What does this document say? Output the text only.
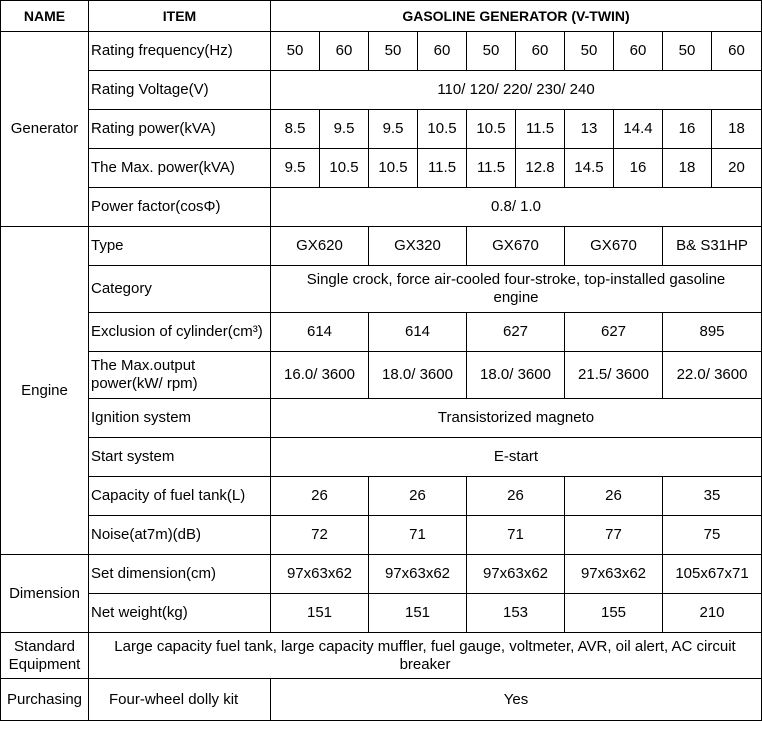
NAME	ITEM	GASOLINE GENERATOR (V-TWIN)									
Generator	Rating frequency(Hz)	50	60	50	60	50	60	50	60	50	60
	Rating Voltage(V)	110/ 120/ 220/ 230/ 240									
	Rating power(kVA)	8.5	9.5	9.5	10.5	10.5	11.5	13	14.4	16	18
	The Max. power(kVA)	9.5	10.5	10.5	11.5	11.5	12.8	14.5	16	18	20
	Power factor(cosΦ)	0.8/ 1.0									
Engine	Type	GX620		GX320		GX670		GX670		B& S31HP	
	Category	Single crock, force air-cooled four-stroke, top-installed gasoline engine									
	Exclusion of cylinder(cm³)	614		614		627		627		895	
	The Max.output power(kW/ rpm)	16.0/ 3600		18.0/ 3600		18.0/ 3600		21.5/ 3600		22.0/ 3600	
	Ignition system	Transistorized magneto									
	Start system	E-start									
	Capacity of fuel tank(L)	26		26		26		26		35	
	Noise(at7m)(dB)	72		71		71		77		75	
Dimension	Set dimension(cm)	97x63x62		97x63x62		97x63x62		97x63x62		105x67x71	
	Net weight(kg)	151		151		153		155		210	
Standard Equipment	Large capacity fuel tank, large capacity muffler, fuel gauge, voltmeter, AVR, oil alert, AC circuit breaker										
Purchasing	Four-wheel dolly kit	Yes									
